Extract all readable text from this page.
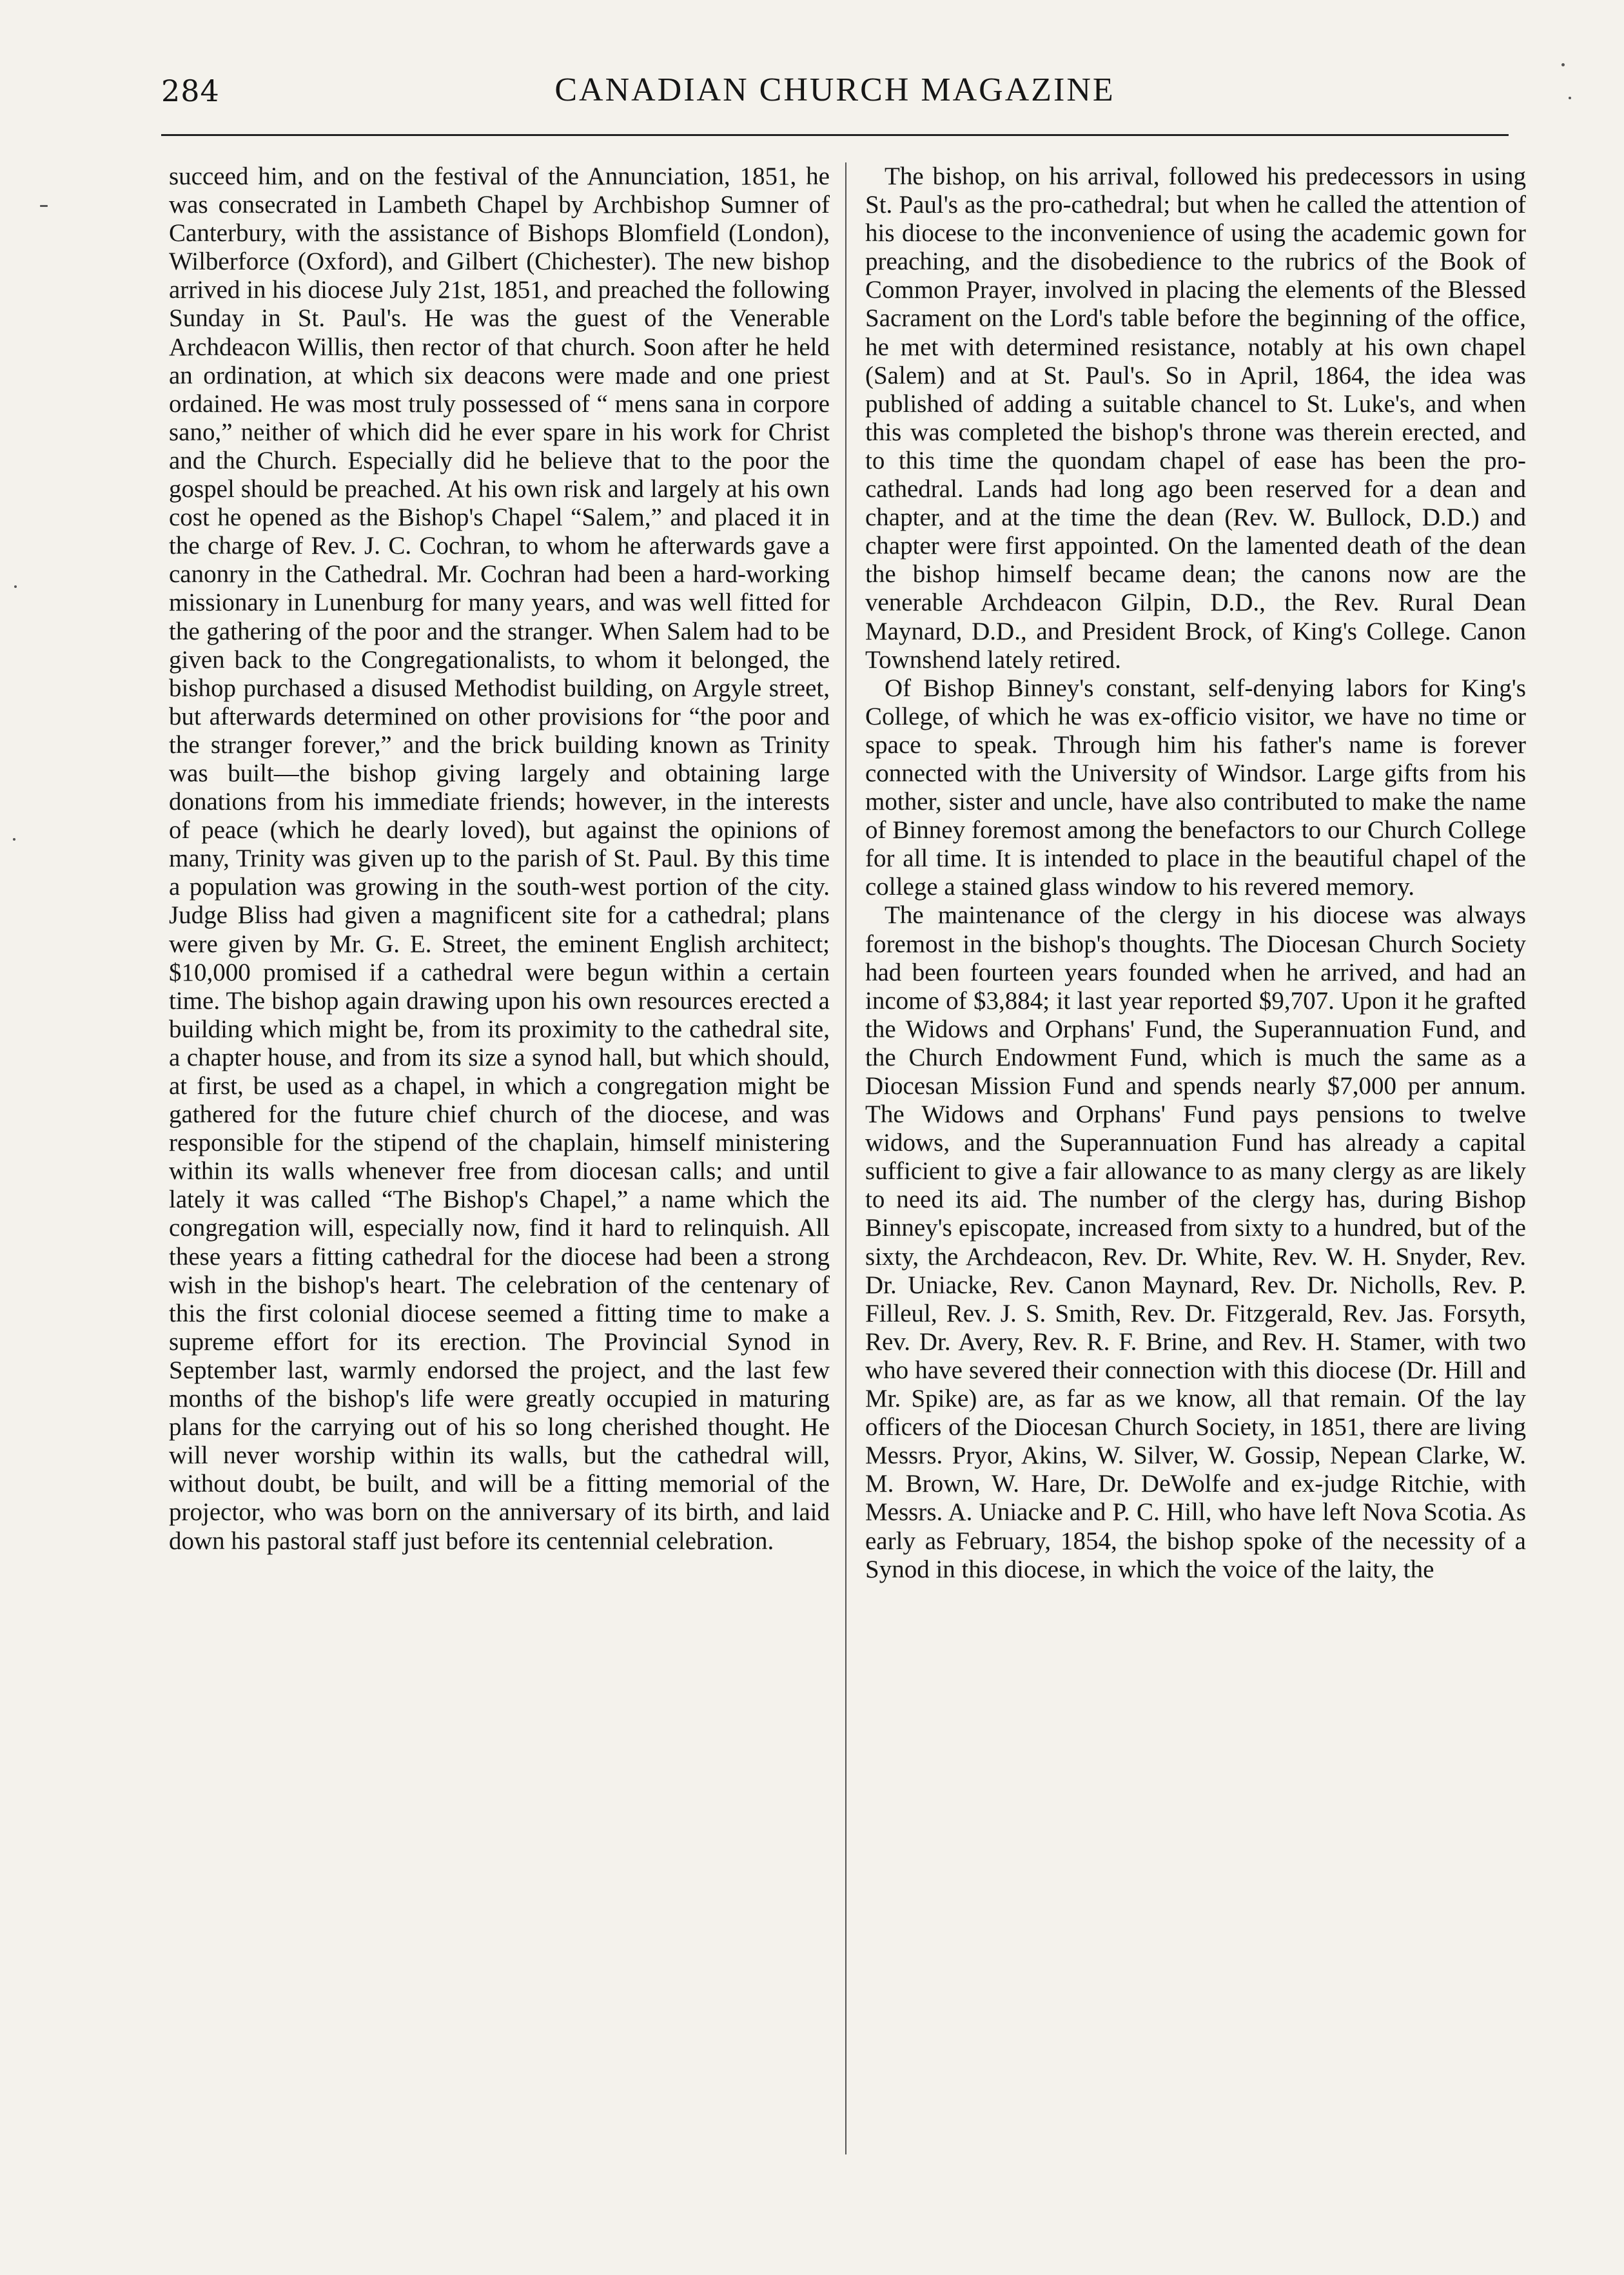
284	CANADIAN CHURCH MAGAZINE

succeed him, and on the festival of the Annunciation, 1851, he was consecrated in Lambeth Chapel by Archbishop Sumner of Canterbury, with the assistance of Bishops Blomfield (London), Wilberforce (Oxford), and Gilbert (Chichester). The new bishop arrived in his diocese July 21st, 1851, and preached the following Sunday in St. Paul's. He was the guest of the Venerable Archdeacon Willis, then rector of that church. Soon after he held an ordination, at which six deacons were made and one priest ordained. He was most truly possessed of “ mens sana in corpore sano,” neither of which did he ever spare in his work for Christ and the Church. Especially did he believe that to the poor the gospel should be preached. At his own risk and largely at his own cost he opened as the Bishop's Chapel “Salem,” and placed it in the charge of Rev. J. C. Cochran, to whom he afterwards gave a canonry in the Cathedral. Mr. Cochran had been a hard-working missionary in Lunenburg for many years, and was well fitted for the gathering of the poor and the stranger. When Salem had to be given back to the Congregationalists, to whom it belonged, the bishop purchased a disused Methodist building, on Argyle street, but afterwards determined on other provisions for “the poor and the stranger forever,” and the brick building known as Trinity was built—the bishop giving largely and obtaining large donations from his immediate friends; however, in the interests of peace (which he dearly loved), but against the opinions of many, Trinity was given up to the parish of St. Paul. By this time a population was growing in the south-west portion of the city. Judge Bliss had given a magnificent site for a cathedral; plans were given by Mr. G. E. Street, the eminent English architect; $10,000 promised if a cathedral were begun within a certain time. The bishop again drawing upon his own resources erected a building which might be, from its proximity to the cathedral site, a chapter house, and from its size a synod hall, but which should, at first, be used as a chapel, in which a congregation might be gathered for the future chief church of the diocese, and was responsible for the stipend of the chaplain, himself ministering within its walls whenever free from diocesan calls; and until lately it was called “The Bishop's Chapel,” a name which the congregation will, especially now, find it hard to relinquish. All these years a fitting cathedral for the diocese had been a strong wish in the bishop's heart. The celebration of the centenary of this the first colonial diocese seemed a fitting time to make a supreme effort for its erection. The Provincial Synod in September last, warmly endorsed the project, and the last few months of the bishop's life were greatly occupied in maturing plans for the carrying out of his so long cherished thought. He will never worship within its walls, but the cathedral will, without doubt, be built, and will be a fitting memorial of the projector, who was born on the anniversary of its birth, and laid down his pastoral staff just before its centennial celebration.

The bishop, on his arrival, followed his predecessors in using St. Paul's as the pro-cathedral; but when he called the attention of his diocese to the inconvenience of using the academic gown for preaching, and the disobedience to the rubrics of the Book of Common Prayer, involved in placing the elements of the Blessed Sacrament on the Lord's table before the beginning of the office, he met with determined resistance, notably at his own chapel (Salem) and at St. Paul's. So in April, 1864, the idea was published of adding a suitable chancel to St. Luke's, and when this was completed the bishop's throne was therein erected, and to this time the quondam chapel of ease has been the pro-cathedral. Lands had long ago been reserved for a dean and chapter, and at the time the dean (Rev. W. Bullock, D.D.) and chapter were first appointed. On the lamented death of the dean the bishop himself became dean; the canons now are the venerable Archdeacon Gilpin, D.D., the Rev. Rural Dean Maynard, D.D., and President Brock, of King's College. Canon Townshend lately retired.

Of Bishop Binney's constant, self-denying labors for King's College, of which he was ex-officio visitor, we have no time or space to speak. Through him his father's name is forever connected with the University of Windsor. Large gifts from his mother, sister and uncle, have also contributed to make the name of Binney foremost among the benefactors to our Church College for all time. It is intended to place in the beautiful chapel of the college a stained glass window to his revered memory.

The maintenance of the clergy in his diocese was always foremost in the bishop's thoughts. The Diocesan Church Society had been fourteen years founded when he arrived, and had an income of $3,884; it last year reported $9,707. Upon it he grafted the Widows and Orphans' Fund, the Superannuation Fund, and the Church Endowment Fund, which is much the same as a Diocesan Mission Fund and spends nearly $7,000 per annum. The Widows and Orphans' Fund pays pensions to twelve widows, and the Superannuation Fund has already a capital sufficient to give a fair allowance to as many clergy as are likely to need its aid. The number of the clergy has, during Bishop Binney's episcopate, increased from sixty to a hundred, but of the sixty, the Archdeacon, Rev. Dr. White, Rev. W. H. Snyder, Rev. Dr. Uniacke, Rev. Canon Maynard, Rev. Dr. Nicholls, Rev. P. Filleul, Rev. J. S. Smith, Rev. Dr. Fitzgerald, Rev. Jas. Forsyth, Rev. Dr. Avery, Rev. R. F. Brine, and Rev. H. Stamer, with two who have severed their connection with this diocese (Dr. Hill and Mr. Spike) are, as far as we know, all that remain. Of the lay officers of the Diocesan Church Society, in 1851, there are living Messrs. Pryor, Akins, W. Silver, W. Gossip, Nepean Clarke, W. M. Brown, W. Hare, Dr. DeWolfe and ex-judge Ritchie, with Messrs. A. Uniacke and P. C. Hill, who have left Nova Scotia. As early as February, 1854, the bishop spoke of the necessity of a Synod in this diocese, in which the voice of the laity, the
